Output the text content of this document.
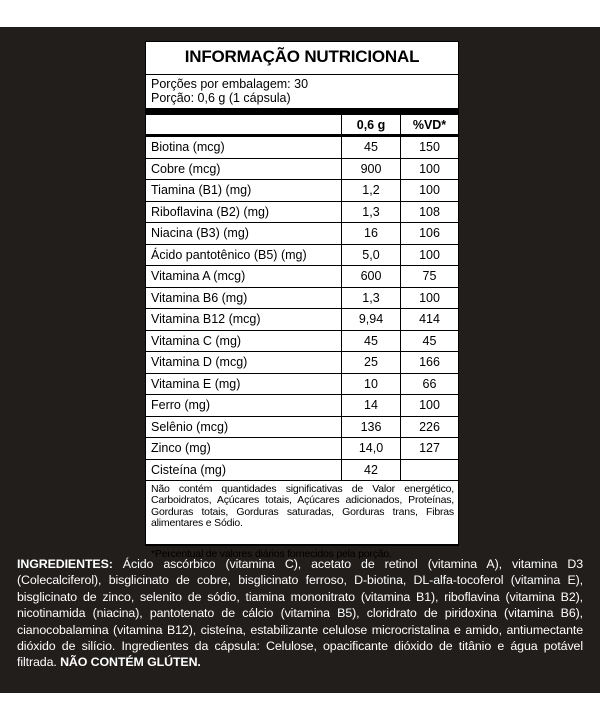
INFORMAÇÃO NUTRICIONAL
Porções por embalagem: 30
Porção: 0,6 g (1 cápsula)
	0,6 g	%VD*
Biotina (mcg)	45	150
Cobre (mcg)	900	100
Tiamina (B1) (mg)	1,2	100
Riboflavina (B2) (mg)	1,3	108
Niacina (B3) (mg)	16	106
Ácido pantotênico (B5) (mg)	5,0	100
Vitamina A (mcg)	600	75
Vitamina B6 (mg)	1,3	100
Vitamina B12 (mcg)	9,94	414
Vitamina C (mg)	45	45
Vitamina D (mcg)	25	166
Vitamina E (mg)	10	66
Ferro (mg)	14	100
Selênio (mcg)	136	226
Zinco (mg)	14,0	127
Cisteína (mg)	42	
Não contém quantidades significativas de Valor energético, Carboidratos, Açúcares totais, Açúcares adicionados, Proteínas, Gorduras totais, Gorduras saturadas, Gorduras trans, Fibras alimentares e Sódio.
*Percentual de valores diários fornecidos pela porção.
INGREDIENTES: Ácido ascórbico (vitamina C), acetato de retinol (vitamina A), vitamina D3 (Colecalciferol), bisglicinato de cobre, bisglicinato ferroso, D-biotina, DL-alfa-tocoferol (vitamina E), bisglicinato de zinco, selenito de sódio, tiamina mononitrato (vitamina B1), riboflavina (vitamina B2), nicotinamida (niacina), pantotenato de cálcio (vitamina B5), cloridrato de piridoxina (vitamina B6), cianocobalamina (vitamina B12), cisteína, estabilizante celulose microcristalina e amido, antiumectante dióxido de silício. Ingredientes da cápsula: Celulose, opacificante dióxido de titânio e água potável filtrada. NÃO CONTÉM GLÚTEN.
